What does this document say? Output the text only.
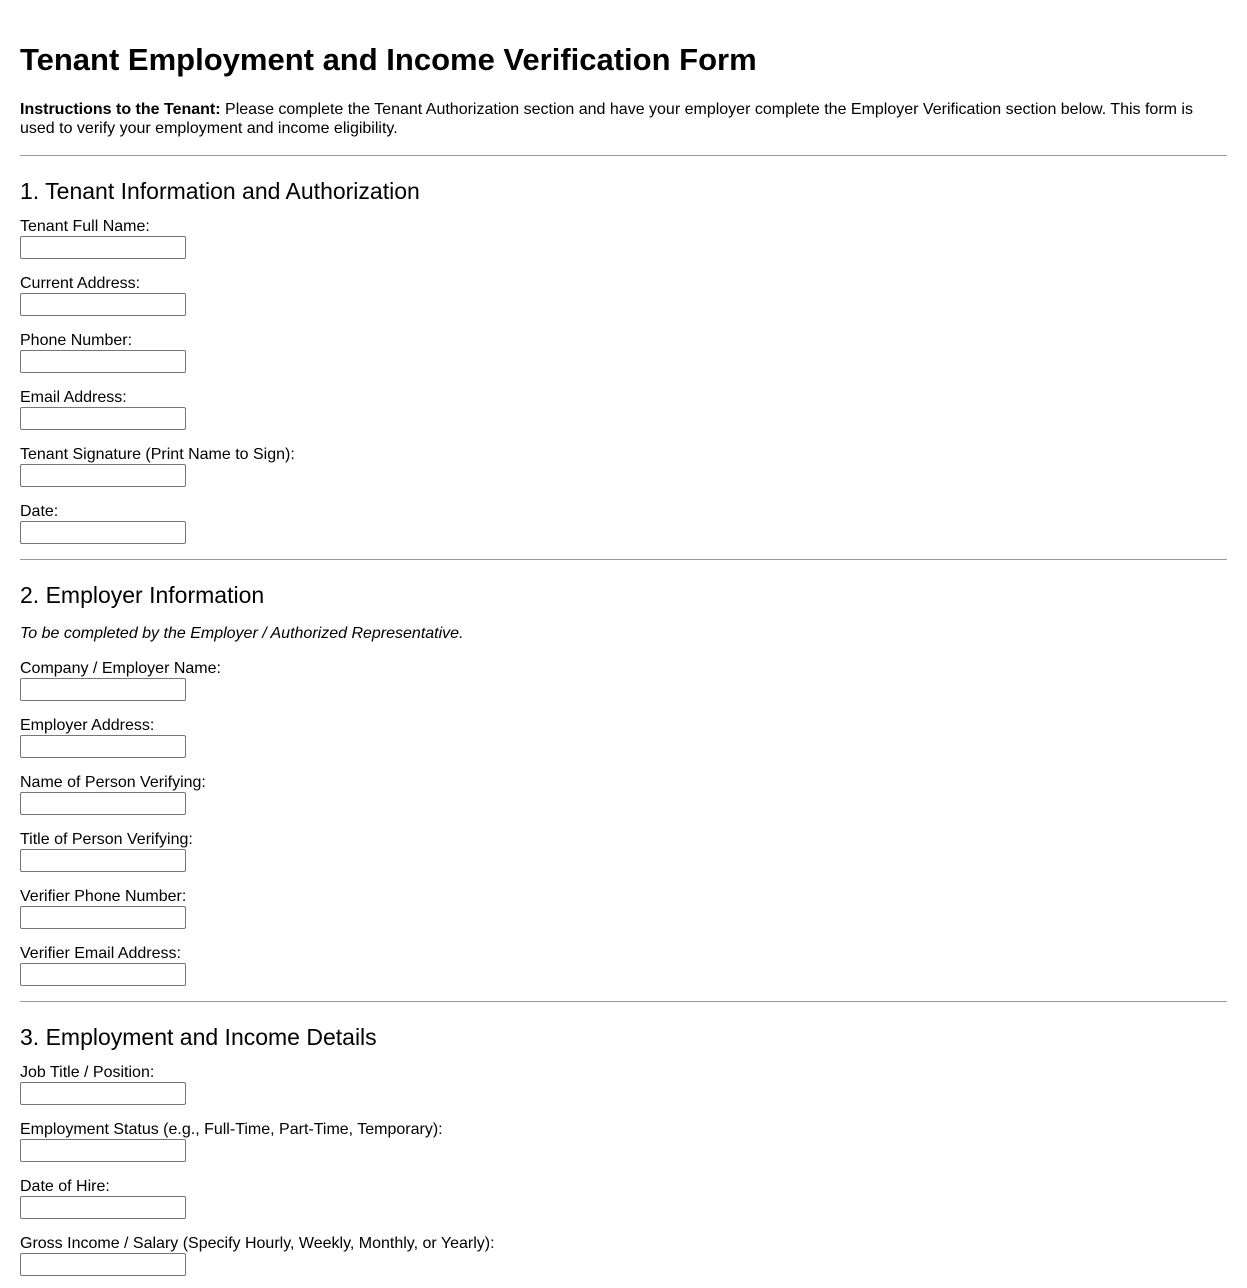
Tenant Employment and Income Verification Form

Instructions to the Tenant: Please complete the Tenant Authorization section and have your employer complete the Employer Verification section below. This form is used to verify your employment and income eligibility.

1. Tenant Information and Authorization
Tenant Full Name:
Current Address:
Phone Number:
Email Address:
Tenant Signature (Print Name to Sign):
Date:
2. Employer Information

To be completed by the Employer / Authorized Representative.

Company / Employer Name:
Employer Address:
Name of Person Verifying:
Title of Person Verifying:
Verifier Phone Number:
Verifier Email Address:
3. Employment and Income Details
Job Title / Position:
Employment Status (e.g., Full-Time, Part-Time, Temporary):
Date of Hire:
Gross Income / Salary (Specify Hourly, Weekly, Monthly, or Yearly):
